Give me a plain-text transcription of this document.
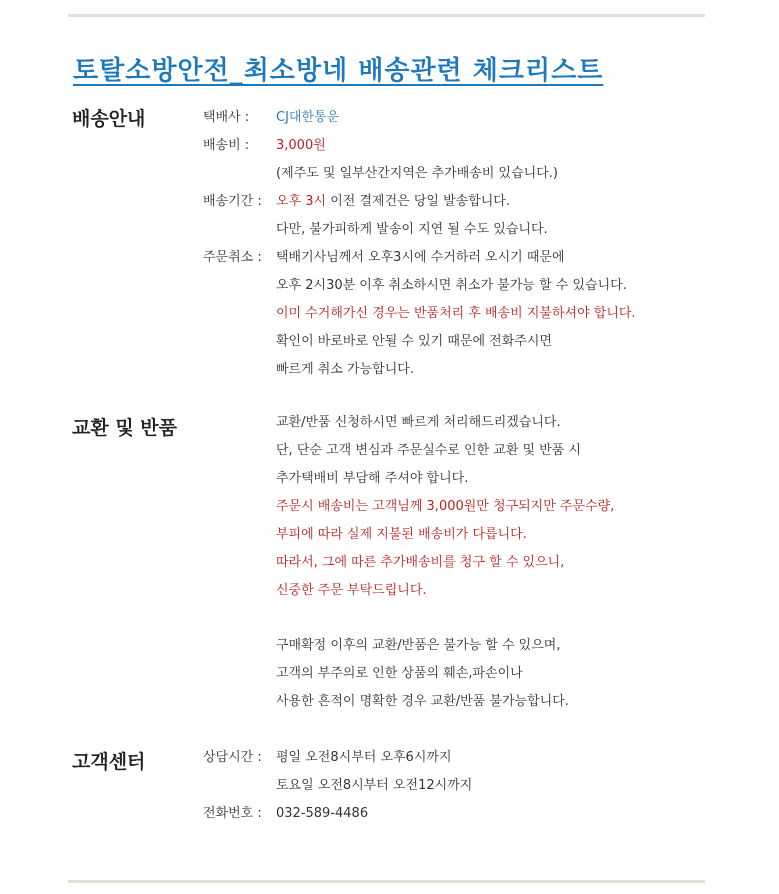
토탈소방안전_최소방네 배송관련 체크리스트
배송안내	택배사 : CJ대한통운
배송비 : 3,000원
(제주도 및 일부산간지역은 추가배송비 있습니다.)
배송기간 : 오후 3시 이전 결제건은 당일 발송합니다.
다만, 불가피하게 발송이 지연 될 수도 있습니다.
주문취소 : 택배기사님께서 오후3시에 수거하러 오시기 때문에
오후 2시30분 이후 취소하시면 취소가 불가능 할 수 있습니다.
이미 수거해가신 경우는 반품처리 후 배송비 지불하셔야 합니다.
확인이 바로바로 안될 수 있기 때문에 전화주시면
빠르게 취소 가능합니다.
교환 및 반품	교환/반품 신청하시면 빠르게 처리해드리겠습니다.
단, 단순 고객 변심과 주문실수로 인한 교환 및 반품 시
추가택배비 부담해 주셔야 합니다.
주문시 배송비는 고객님께 3,000원만 청구되지만 주문수량,
부피에 따라 실제 지불된 배송비가 다릅니다.
따라서, 그에 따른 추가배송비를 청구 할 수 있으니,
신중한 주문 부탁드립니다.
구매확정 이후의 교환/반품은 불가능 할 수 있으며,
고객의 부주의로 인한 상품의 훼손,파손이나
사용한 흔적이 명확한 경우 교환/반품 불가능합니다.
고객센터	상담시간 : 평일 오전8시부터 오후6시까지
토요일 오전8시부터 오전12시까지
전화번호 : 032-589-4486
